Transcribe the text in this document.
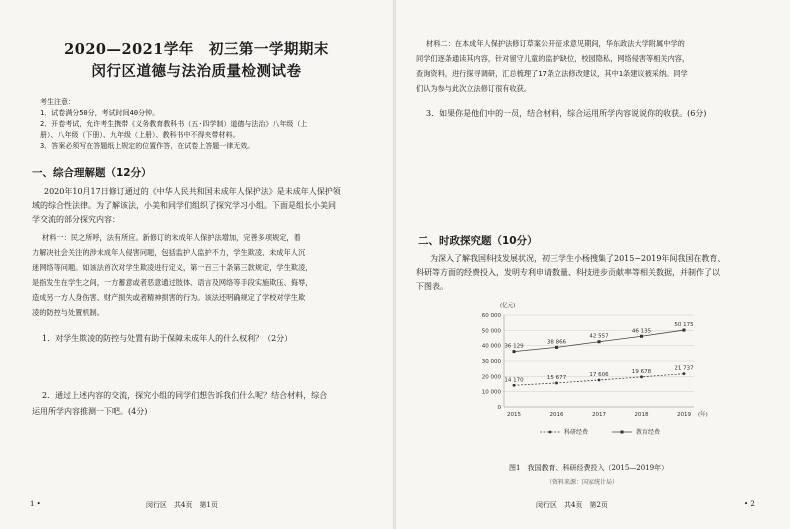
2020—2021学年　初三第一学期期末
闵行区道德与法治质量检测试卷
考生注意：
1．试卷满分50分，考试时间40分钟。
2．开卷考试，允许考生携带《义务教育教科书（五·四学制）道德与法治》八年级（上
册）、八年级（下册）、九年级（上册）、教科书中不得夹带材料。
3．答案必须写在答题纸上规定的位置作答，在试卷上答题一律无效。
一、综合理解题（12分）
2020年10月17日修订通过的《中华人民共和国未成年人保护法》是未成年人保护领
域的综合性法律。为了解该法，小美和同学们组织了探究学习小组。下面是组长小美同
学交流的部分探究内容：
材料一：民之所呼，法有所应。新修订的未成年人保护法增加，完善多项规定，着
力解决社会关注的涉未成年人侵害问题，包括监护人监护不力，学生欺凌、未成年人沉
迷网络等问题。如该法首次对学生欺凌进行定义，第一百三十条第三款规定，学生欺凌，
是指发生在学生之间，一方蓄意或者恶意通过肢体、语言及网络等手段实施欺压、侮辱，
造成另一方人身伤害、财产损失或者精神损害的行为。该法还明确规定了学校对学生欺
凌的防控与处置机制。
1．对学生欺凌的防控与处置有助于保障未成年人的什么权利？（2分）
2．通过上述内容的交流，探究小组的同学们想告诉我们什么呢？结合材料，综合
运用所学内容推测一下吧。(4分)
1 •	闵行区　共4页　第1页
材料二：在本成年人保护法修订草案公开征求意见期间，华东政法大学附属中学的
同学们逐条通读其内容，针对留守儿童的监护缺位，校园隐私，网络侵害等相关内容，
查询资料，进行探寻调研，汇总梳理了17条立法修改建议，其中1条建议被采纳。同学
们认为参与此次立法修订很有收获。
3．如果你是他们中的一员，结合材料，综合运用所学内容说说你的收获。(6分)
二、时政探究题（10分）
为深入了解我国科技发展状况，初三学生小杨搜集了2015−2019年间我国在教育、
科研等方面的经费投入，发明专利申请数量、科技进步贡献率等相关数据，并制作了以
下图表。
(亿元)
0
10 000
20 000
30 000
40 000
50 000
60 000
2015	2016	2017	2018	2019 (年)
36 129
38 866
42 557
46 135
50 175
14 170	15 677	17 606
19 678
21 737
科研经费	教育经费
图1　我国教育、科研经费投入（2015—2019年）
（资料来源：国家统计局）
闵行区　共4页　第2页	• 2
